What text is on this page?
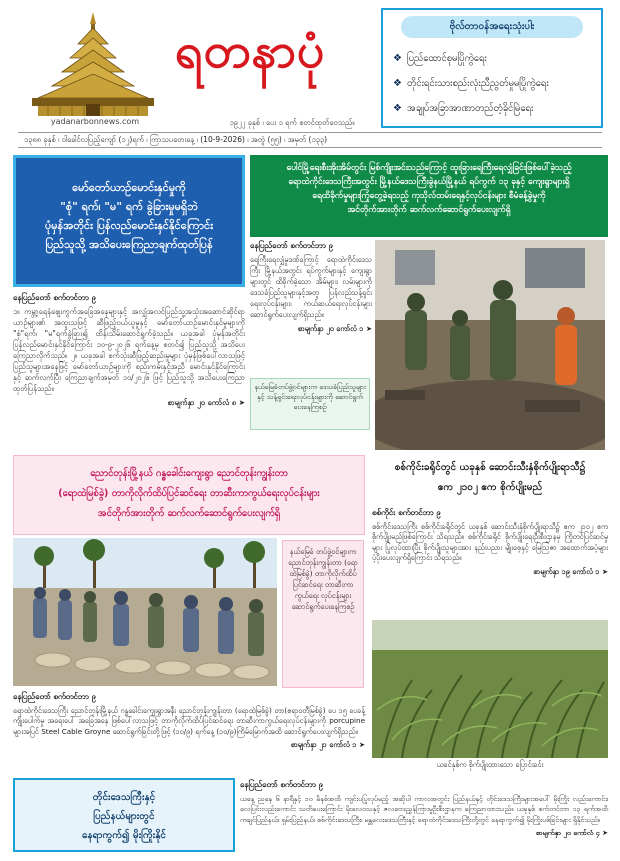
ရတနာပုံ
yadanarbonnews.com	၁၉၂၂ ခုနှစ် ၊ ပေး ၁ ရက် စတင်ထုတ်ဝေသည်။
၁၃၈၈ ခုနှစ် ၊ ဝါခေါင်လပြည့်ကျော် (၁၂)ရက် ၊ ကြာသပတေးနေ့ ၊ (10-9-2026) ၊ အတွဲ (၅၅) ၊ အမှတ် (၁၃၃)
ဗိုလ်တာဝန်အရေးသုံးပါး
❖ ပြည်ထောင်စုမပြိုကွဲရေး
❖ တိုင်းရင်းသားစည်းလုံးညီညွတ်မှုမပြိုကွဲရေး
❖ အချုပ်အခြာအာဏာတည်တံ့ခိုင်မြဲရေး
မော်တော်ယာဉ်မောင်းနှင်မှုကို
"စုံ" ရက်၊ "မ" ရက် ခွဲခြားမှုမရှိဘဲ
ပုံမှန်အတိုင်း ပြန်လည်မောင်းနှင်နိုင်ကြောင်း
ပြည်သူသို့ အသိပေးကြေညာချက်ထုတ်ပြန်
နေပြည်တော် စက်တင်ဘာ ၉
၁။ ကမ္ဘာ့ရေနံဈေးကွက်အခြေအနေများနှင့် အလျှံအလင်ပြည်သူ့အသုံးအဆောင်ဆိုင်ရာ ယာဉ်များ၏ အထူးသဖြင့် ဆီဖြည့်ဝယ်ယူမှုနှင့် မော်တော်ယာဉ်မောင်းနှင်မှုများကို "စုံ"ရက်၊ "မ"ရက်ခွဲခြား၍ ထိန်းသိမ်းဆောင်ရွက်ခဲ့သည်။ ယခုအခါ ပုံမှန်အတိုင်း ပြန်လည်မောင်းနှင်နိုင်ကြောင်း ၁၀-၉-၂၀၂၆ ရက်နေ့မှ စတင်၍ ပြည်သူသို့ အသိပေးကြေညာလိုက်သည်။ ၂။ ယခုအခါ စက်သုံးဆီဖြည့်ဆည်းမှုများ ပုံမှန်ဖြစ်ပေါ်လာသဖြင့် ပြည်သူများအနေဖြင့် မော်တော်ယာဉ်များကို စည်းကမ်းနှင့်အညီ မောင်းနှင်နိုင်ကြောင်း နှင့် ဆက်လက်ပြီး ကြေညာချက်အမှတ် ၁၀/၂၀၂၆ ဖြင့် ပြည်သူသို့ အသိပေးကြေညာထုတ်ပြန်သည်။
စာမျက်နှာ ၂၀ ကော်လံ ၈ ➤
ပေါင်မြို့ရေးစီးအိုးအိမ်တွင်း မြစ်ကျိုးအင်းသည်ကြောင့် ထူးခြားရေကြီးရေလျှံခြင်းဖြစ်ပေါ်ခဲ့သည့်
ရောထဲကိုင်းဒေသကြီးအတွင်း မြို့နယ်ဒေသကြီးခွဲနယ်မြို့နယ် ရပ်ကွက် ၁၃ ခုနှင့် ကျေးရွာများရှိ
ရေထိခိုက်မှုများကြုံတွေ့ခဲ့ရသည့် ကုသိုလ်ထမ်းရေနှင့်လုပ်ငန်းများ စီမံခန့်ခွဲမှုကို
အင်တိုက်အားတိုက် ဆက်လက်ဆောင်ရွက်ပေးလျက်ရှိ
နေပြည်တော် စက်တင်ဘာ ၉
ရေကြီးရေလျှံမှုဒဏ်ကြောင့် ရောထဲကိုင်းဒေသကြီး မြို့နယ်အတွင်း ရပ်ကွက်များနှင့် ကျေးရွာများတွင် ထိခိုက်ခဲ့သော အိမ်များ၊ လမ်းများကို ဒေသခံပြည်သူများနှင့်အတူ ပြန်လည်သန့်ရှင်းရေးလုပ်ငန်းများ၊ ကယ်ဆယ်ရေးလုပ်ငန်းများ ဆောင်ရွက်ပေးလျက်ရှိသည်။
စာမျက်နှာ ၂၀ ကော်လံ ၁ ➤
နယ်မြေခံတပ်ဖွဲ့ဝင်များက ဒေသခံပြည်သူများနှင့် သန့်ရှင်းရေးလုပ်ငန်းများကို ဆောင်ရွက်ပေးနေကြစဉ်
ညောင်တုန်းမြို့နယ် ဂန္ဓခေါင်းကျေးရွာ ညောင်တုန်းကျွန်းတာ
(ရောထဲမြစ်ခွဲ) တာကိုလိုက်ထိပ်ပြင်ဆင်ရေး တာဆီးကာကွယ်ရေးလုပ်ငန်းများ
အင်တိုက်အားတိုက် ဆက်လက်ဆောင်ရွက်ပေးလျက်ရှိ
နယ်မြေခံ တပ်ဖွဲ့ဝင်များက ညောင်တုန်းကျွန်းတာ (ရောထဲမြစ်ခွဲ) တာကိုလိုက်ထိပ် ပြင်ဆင်ရေး တာဆီးကာကွယ်ရေး လုပ်ငန်းများ ဆောင်ရွက်ပေးနေကြစဉ်
နေပြည်တော် စက်တင်ဘာ ၉
ရောထဲကိုင်းဒေသကြီး ညောင်တုန်းမြို့နယ် ဂန္ဓခေါင်းကျေးရွာအနီး ညောင်တုန်းကျွန်းတာ (ရောထဲမြစ်ခွဲ) တာ(ဧရာဝတီမြစ်ခွဲ) ပေ ၁၅ ပေခန့် ကျိုးပေါက်မှု အရေးပေါ် အခြေအနေ ဖြစ်ပေါ်လာသဖြင့် တာကိုလိုက်ထိပ်ပြင်ဆင်ရေး တာဆီးကာကွယ်ရေးလုပ်ငန်းများကို porcupine များအပြင် Steel Cable Groyne ဆောင်ရွက်ခြင်းတို့ဖြင့် (၁၀/၉) ရက်နေ့ (၁၀/၉)ကြိမ်မြောက်အထိ ဆောင်ရွက်ပေးလျက်ရှိသည်။
စာမျက်နှာ ၂၁ ကော်လံ ၁ ➤
စစ်ကိုင်းခရိုင်တွင် ယခုနှစ် ဆောင်းသီးနှံစိုက်ပျိုးရာသီ၌
ဧက ၂၁၀၂ ဧက စိုက်ပျိုးမည်
စစ်ကိုင်း စက်တင်ဘာ ၉
စစ်ကိုင်းဒေသကြီး စစ်ကိုင်းခရိုင်တွင် ယခုနှစ် ဆောင်းသီးနှံစိုက်ပျိုးရာသီ၌ ဧက ၂၁၀၂ ဧက စိုက်ပျိုးမည်ဖြစ်ကြောင်း သိရသည်။ စစ်ကိုင်းခရိုင် စိုက်ပျိုးရေးဦးစီးဌာနမှ ကြိုတင်ပြင်ဆင်မှုများ ပြုလုပ်ထားပြီး စိုက်ပျိုးသူများအား နည်းပညာ၊ မျိုးစေ့နှင့် မြေဩဇာ အထောက်အပံ့များ ပံ့ပိုးပေးလျက်ရှိကြောင်း သိရသည်။
စာမျက်နှာ ၁၉ ကော်လံ ၁ ➤
ယခင်နှစ်က စိုက်ပျိုးထားသော ပြောင်းခင်း
တိုင်းဒေသကြီးနှင့်
ပြည်နယ်များတွင်
နေရာကွက်၍ မိုးကြိုးနိုင်
နေပြည်တော် စက်တင်ဘာ ၉
ယနေ့ ညနေ ၆ နာရီနှင့် ၁၀ မိနစ်အထိ ကျင်းပပြုလုပ်မည့် အဆိုပါ ကာလအတွင်း ပြည်နယ်နှင့် တိုင်းဒေသကြီးများအပေါ် မိုးကြိုး လည်းကောင်း၊ လေပြင်းလည်းကောင်း သတိပေးကြောင်း မိုးလေဝသနှင့် ဇလဗေဒညွှန်ကြားမှုဦးစီးဌာနက ကြေညာထားသည်။ ယခုနှစ် စက်တင်ဘာ ၁၃ ရက်အထိ ကချင်ပြည်နယ်၊ ရှမ်းပြည်နယ်၊ စစ်ကိုင်းဒေသကြီး၊ မန္တလေးဒေသကြီးနှင့် ရောထဲကိုင်းဒေသကြီးတို့တွင် နေရာကွက်၍ မိုးကြိုးပစ်ခြင်းများ ရှိနိုင်သည်။
စာမျက်နှာ ၂၀ ကော်လံ ၄ ➤
